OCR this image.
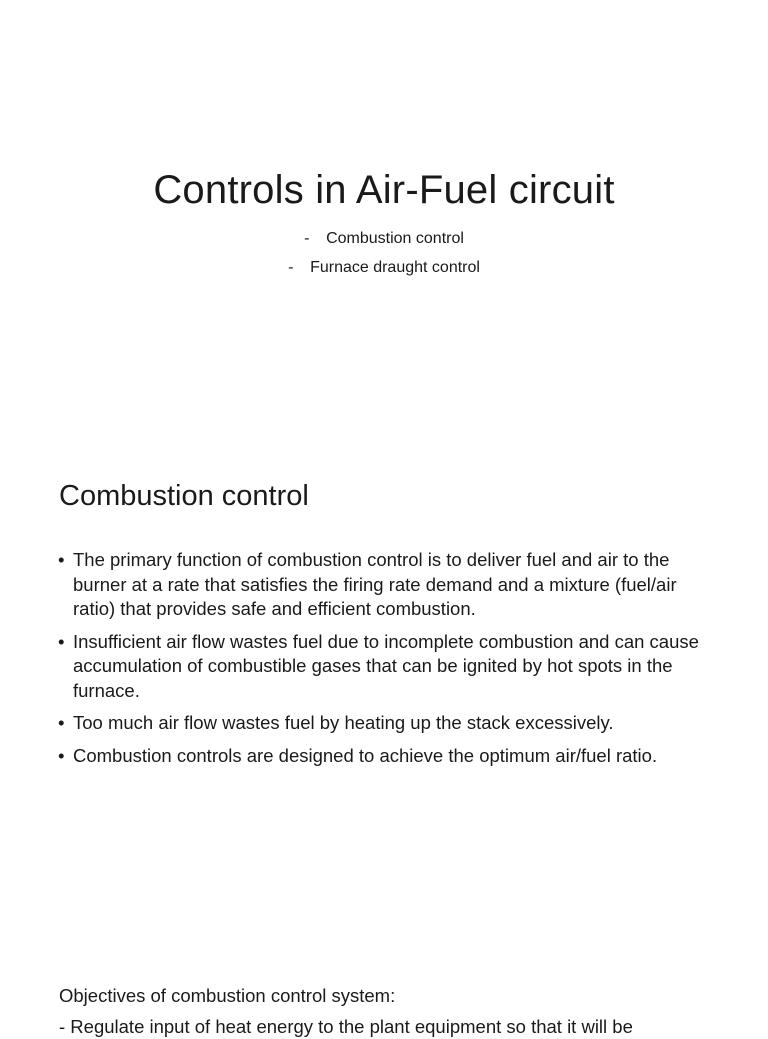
Controls in Air-Fuel circuit
- Combustion control
- Furnace draught control
Combustion control
• The primary function of combustion control is to deliver fuel and air to the burner at a rate that satisfies the firing rate demand and a mixture (fuel/air ratio) that provides safe and efficient combustion.
• Insufficient air flow wastes fuel due to incomplete combustion and can cause accumulation of combustible gases that can be ignited by hot spots in the furnace.
• Too much air flow wastes fuel by heating up the stack excessively.
• Combustion controls are designed to achieve the optimum air/fuel ratio.

Objectives of combustion control system:

- Regulate input of heat energy to the plant equipment so that it will be
